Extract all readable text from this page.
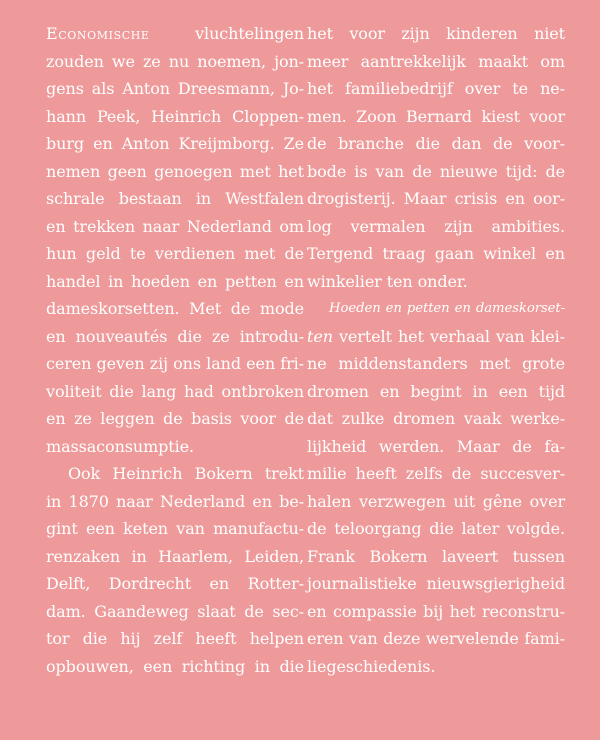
Economische vluchtelingen
zouden we ze nu noemen, jon-
gens als Anton Dreesmann, Jo-
hann Peek, Heinrich Cloppen-
burg en Anton Kreijmborg. Ze
nemen geen genoegen met het
schrale bestaan in Westfalen
en trekken naar Nederland om
hun geld te verdienen met de
handel in hoeden en petten en
dameskorsetten. Met de mode
en nouveautés die ze introdu-
ceren geven zij ons land een fri-
voliteit die lang had ontbroken
en ze leggen de basis voor de
massaconsumptie.
Ook Heinrich Bokern trekt
in 1870 naar Nederland en be-
gint een keten van manufactu-
renzaken in Haarlem, Leiden,
Delft, Dordrecht en Rotter-
dam. Gaandeweg slaat de sec-
tor die hij zelf heeft helpen
opbouwen, een richting in die
het voor zijn kinderen niet
meer aantrekkelijk maakt om
het familiebedrijf over te ne-
men. Zoon Bernard kiest voor
de branche die dan de voor-
bode is van de nieuwe tijd: de
drogisterij. Maar crisis en oor-
log vermalen zijn ambities.
Tergend traag gaan winkel en
winkelier ten onder.
Hoeden en petten en dameskorset-
ten vertelt het verhaal van klei-
ne middenstanders met grote
dromen en begint in een tijd
dat zulke dromen vaak werke-
lijkheid werden. Maar de fa-
milie heeft zelfs de succesver-
halen verzwegen uit gêne over
de teloorgang die later volgde.
Frank Bokern laveert tussen
journalistieke nieuwsgierigheid
en compassie bij het reconstru-
eren van deze wervelende fami-
liegeschiedenis.
